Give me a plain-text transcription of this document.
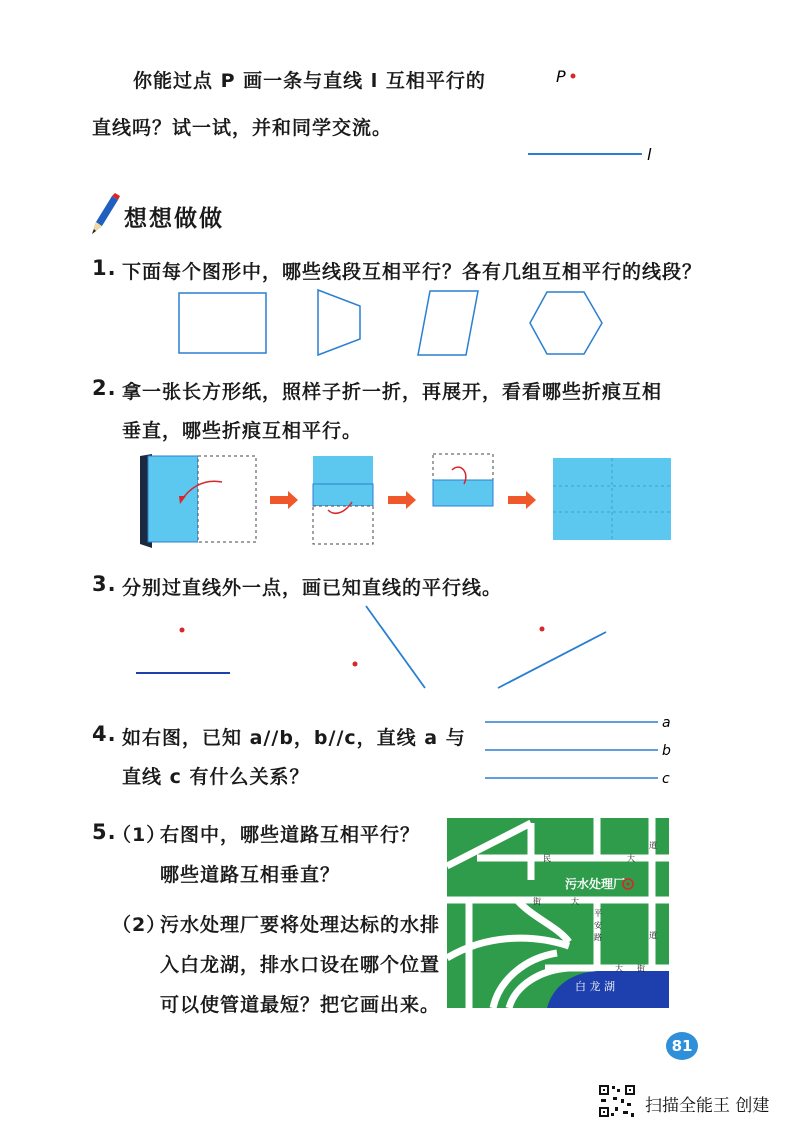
你能过点 P 画一条与直线 l 互相平行的
直线吗？试一试，并和同学交流。
P
l
想想做做
1. 下面每个图形中，哪些线段互相平行？各有几组互相平行的线段？
2. 拿一张长方形纸，照样子折一折，再展开，看看哪些折痕互相
垂直，哪些折痕互相平行。
3. 分别过直线外一点，画已知直线的平行线。
4. 如右图，已知 a//b，b//c，直线 a 与
直线 c 有什么关系？
a
b
c
5.
（1）
右图中，哪些道路互相平行？
哪些道路互相垂直？
（2）
污水处理厂要将处理达标的水排
入白龙湖，排水口设在哪个位置
可以使管道最短？把它画出来。
白 龙 湖
污水处理厂
民	大
道
街	大
道
平
安
路
大 街
81
扫描全能王 创建
